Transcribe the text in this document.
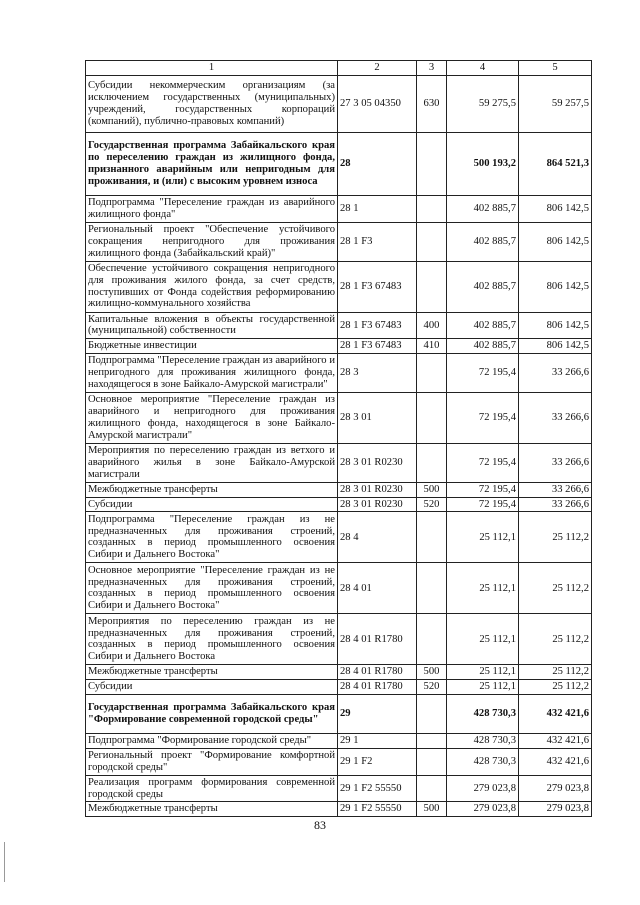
1	2	3	4	5
Субсидии некоммерческим организациям (за исключением государственных (муниципальных) учреждений, государственных корпораций (компаний), публично-правовых компаний)	27 3 05 04350	630	59 275,5	59 257,5
Государственная программа Забайкальского края по переселению граждан из жилищного фонда, признанного аварийным или непригодным для проживания, и (или) с высоким уровнем износа	28		500 193,2	864 521,3
Подпрограмма "Переселение граждан из аварийного жилищного фонда"	28 1		402 885,7	806 142,5
Региональный проект "Обеспечение устойчивого сокращения непригодного для проживания жилищного фонда (Забайкальский край)"	28 1 F3		402 885,7	806 142,5
Обеспечение устойчивого сокращения непригодного для проживания жилого фонда, за счет средств, поступивших от Фонда содействия реформированию жилищно-коммунального хозяйства	28 1 F3 67483		402 885,7	806 142,5
Капитальные вложения в объекты государственной (муниципальной) собственности	28 1 F3 67483	400	402 885,7	806 142,5
Бюджетные инвестиции	28 1 F3 67483	410	402 885,7	806 142,5
Подпрограмма "Переселение граждан из аварийного и непригодного для проживания жилищного фонда, находящегося в зоне Байкало-Амурской магистрали"	28 3		72 195,4	33 266,6
Основное мероприятие "Переселение граждан из аварийного и непригодного для проживания жилищного фонда, находящегося в зоне Байкало-Амурской магистрали"	28 3 01		72 195,4	33 266,6
Мероприятия по переселению граждан из ветхого и аварийного жилья в зоне Байкало-Амурской магистрали	28 3 01 R0230		72 195,4	33 266,6
Межбюджетные трансферты	28 3 01 R0230	500	72 195,4	33 266,6
Субсидии	28 3 01 R0230	520	72 195,4	33 266,6
Подпрограмма "Переселение граждан из не предназначенных для проживания строений, созданных в период промышленного освоения Сибири и Дальнего Востока"	28 4		25 112,1	25 112,2
Основное мероприятие "Переселение граждан из не предназначенных для проживания строений, созданных в период промышленного освоения Сибири и Дальнего Востока"	28 4 01		25 112,1	25 112,2
Мероприятия по переселению граждан из не предназначенных для проживания строений, созданных в период промышленного освоения Сибири и Дальнего Востока	28 4 01 R1780		25 112,1	25 112,2
Межбюджетные трансферты	28 4 01 R1780	500	25 112,1	25 112,2
Субсидии	28 4 01 R1780	520	25 112,1	25 112,2
Государственная программа Забайкальского края "Формирование современной городской среды"	29		428 730,3	432 421,6
Подпрограмма "Формирование городской среды"	29 1		428 730,3	432 421,6
Региональный проект "Формирование комфортной городской среды"	29 1 F2		428 730,3	432 421,6
Реализация программ формирования современной городской среды	29 1 F2 55550		279 023,8	279 023,8
Межбюджетные трансферты	29 1 F2 55550	500	279 023,8	279 023,8
83
